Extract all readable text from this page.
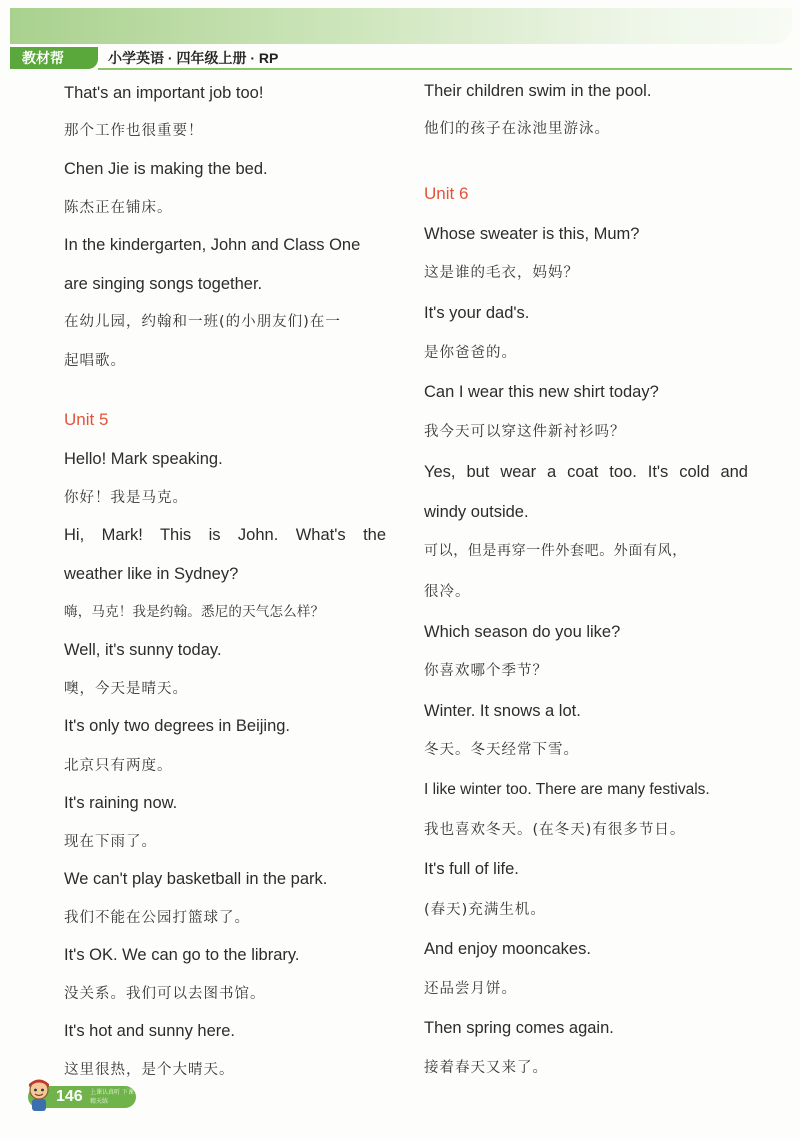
教材帮	小学英语 · 四年级上册 · RP
That's an important job too!
那个工作也很重要！
Chen Jie is making the bed.
陈杰正在铺床。
In the kindergarten, John and Class One
are singing songs together.
在幼儿园，约翰和一班(的小朋友们)在一
起唱歌。
Unit 5
Hello! Mark speaking.
你好！我是马克。
Hi, Mark! This is John. What's the
weather like in Sydney?
嗨，马克！我是约翰。悉尼的天气怎么样？
Well, it's sunny today.
噢，今天是晴天。
It's only two degrees in Beijing.
北京只有两度。
It's raining now.
现在下雨了。
We can't play basketball in the park.
我们不能在公园打篮球了。
It's OK. We can go to the library.
没关系。我们可以去图书馆。
It's hot and sunny here.
这里很热，是个大晴天。
Their children swim in the pool.
他们的孩子在泳池里游泳。
Unit 6
Whose sweater is this, Mum?
这是谁的毛衣，妈妈？
It's your dad's.
是你爸爸的。
Can I wear this new shirt today?
我今天可以穿这件新衬衫吗？
Yes, but wear a coat too. It's cold and
windy outside.
可以，但是再穿一件外套吧。外面有风，
很冷。
Which season do you like?
你喜欢哪个季节？
Winter. It snows a lot.
冬天。冬天经常下雪。
I like winter too. There are many festivals.
我也喜欢冬天。(在冬天)有很多节日。
It's full of life.
(春天)充满生机。
And enjoy mooncakes.
还品尝月饼。
Then spring comes again.
接着春天又来了。
146 上课认真听 下课精天练
